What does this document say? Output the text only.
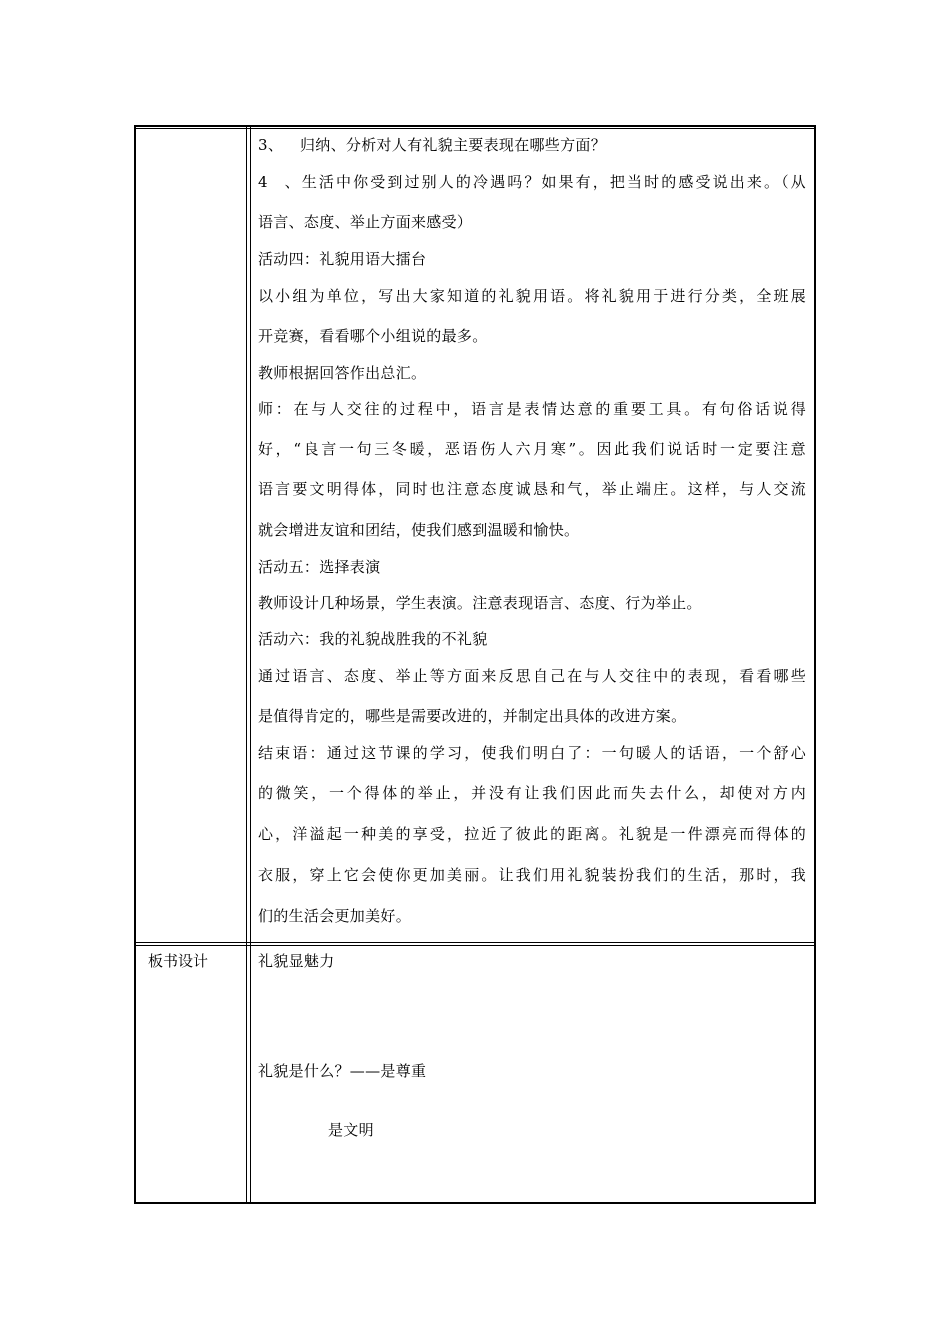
3、 归纳、分析对人有礼貌主要表现在哪些方面？
4、生活中你受到过别人的冷遇吗？如果有，把当时的感受说出来。（从
语言、态度、举止方面来感受）
活动四：礼貌用语大擂台
以小组为单位，写出大家知道的礼貌用语。将礼貌用于进行分类，全班展
开竞赛，看看哪个小组说的最多。
教师根据回答作出总汇。
师：在与人交往的过程中，语言是表情达意的重要工具。有句俗话说得
好，“良言一句三冬暖，恶语伤人六月寒”。因此我们说话时一定要注意
语言要文明得体，同时也注意态度诚恳和气，举止端庄。这样，与人交流
就会增进友谊和团结，使我们感到温暖和愉快。
活动五：选择表演
教师设计几种场景，学生表演。注意表现语言、态度、行为举止。
活动六：我的礼貌战胜我的不礼貌
通过语言、态度、举止等方面来反思自己在与人交往中的表现，看看哪些
是值得肯定的，哪些是需要改进的，并制定出具体的改进方案。
结束语：通过这节课的学习，使我们明白了：一句暖人的话语，一个舒心
的微笑，一个得体的举止，并没有让我们因此而失去什么，却使对方内
心，洋溢起一种美的享受，拉近了彼此的距离。礼貌是一件漂亮而得体的
衣服，穿上它会使你更加美丽。让我们用礼貌装扮我们的生活，那时，我
们的生活会更加美好。
板书设计	礼貌显魅力
礼貌是什么？——是尊重
是文明
